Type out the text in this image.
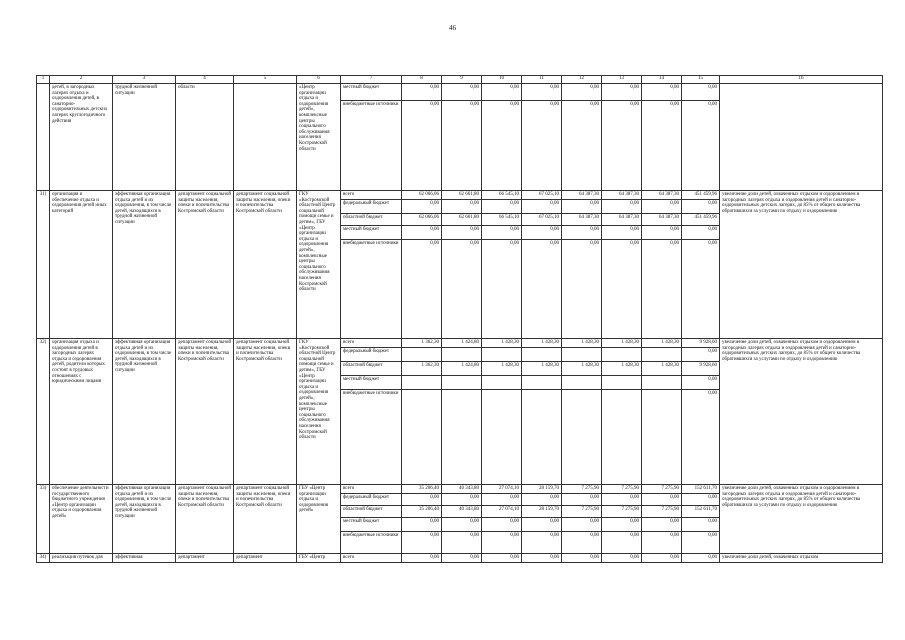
46
1	2	3	4	5	6	7	8	9	10	11	12	13	14	15	16
	детей, в загородных лагерях отдыха и оздоровления детей, в санаторно-оздоровительных детских лагерях круглогодичного действия	трудной жизненной ситуации	области		«Центр организации отдыха и оздоровления детей», комплексные центры социального обслуживания населения Костромской области	местный бюджет	0,00	0,00	0,00	0,00	0,00	0,00	0,00	0,00	
						внебюджетные источники	0,00	0,00	0,00	0,00	0,00	0,00	0,00	0,00	
31)	организация и обеспечение отдыха и оздоровления детей иных категорий	эффективная организация отдыха детей и их оздоровления, в том числе детей, находящихся в трудной жизненной ситуации	департамент социальной защиты населения, опеки и попечительства Костромской области	департамент социальной защиты населения, опеки и попечительства Костромской области	ГКУ «Костромской областной Центр социальной помощи семье и детям», ГБУ «Центр организации отдыха и оздоровления детей», комплексные центры социального обслуживания населения Костромской области	всего	62 066,06	62 661,80	66 545,10	67 025,10	64 387,30	64 387,30	64 387,30	451 459,96	увеличение доли детей, охваченных отдыхом и оздоровлением в загородных лагерях отдыха и оздоровления детей и санаторно-оздоровительных детских лагерях, до 85% от общего количества обратившихся за услугами по отдыху и оздоровлению
						федеральный бюджет	0,00	0,00	0,00	0,00	0,00	0,00	0,00	0,00	
						областной бюджет	62 066,06	62 661,80	66 545,10	67 025,10	64 387,30	64 387,30	64 387,30	451 459,96	
						местный бюджет	0,00	0,00	0,00	0,00	0,00	0,00	0,00	0,00	
						внебюджетные источники	0,00	0,00	0,00	0,00	0,00	0,00	0,00	0,00	
32)	организация отдыха и оздоровления детей в загородных лагерях отдыха и оздоровления детей, родители которых состоят в трудовых отношениях с юридическими лицами	эффективная организация отдыха детей и их оздоровления, в том числе детей, находящихся в трудной жизненной ситуации	департамент социальной защиты населения, опеки и попечительства Костромской области	департамент социальной защиты населения, опеки и попечительства Костромской области	ГКУ «Костромской областной Центр социальной помощи семье и детям», ГБУ «Центр организации отдыха и оздоровления детей», комплексные центры социального обслуживания населения Костромской области	всего	1 362,30	1 424,80	1 428,30	1 428,30	1 428,30	1 428,30	1 428,30	9 928,60	увеличение доли детей, охваченных отдыхом и оздоровлением в загородных лагерях отдыха и оздоровления детей и санаторно-оздоровительных детских лагерях, до 85% от общего количества обратившихся за услугами по отдыху и оздоровлению
						федеральный бюджет								0,00	
						областной бюджет	1 362,30	1 424,80	1 428,30	1 428,30	1 428,30	1 428,30	1 428,30	9 928,60	
						местный бюджет								0,00	
						внебюджетные источники								0,00	
33)	обеспечение деятельности государственного бюджетного учреждения «Центр организации отдыха и оздоровления детей»	эффективная организация отдыха детей и их оздоровления, в том числе детей, находящихся в трудной жизненной ситуации	департамент социальной защиты населения, опеки и попечительства Костромской области	департамент социальной защиты населения, опеки и попечительства Костромской области	ГБУ «Центр организации отдыха и оздоровления детей»	всего	35 206,40	40 343,80	27 074,10	28 159,70	7 275,90	7 275,90	7 275,90	152 611,70	увеличение доли детей, охваченных отдыхом и оздоровлением в загородных лагерях отдыха и оздоровления детей и санаторно-оздоровительных детских лагерях, до 85% от общего количества обратившихся за услугами по отдыху и оздоровлению
						федеральный бюджет	0,00	0,00	0,00	0,00	0,00	0,00	0,00	0,00	
						областной бюджет	35 206,40	40 343,80	27 074,10	28 159,70	7 275,90	7 275,90	7 275,90	152 611,70	
						местный бюджет	0,00	0,00	0,00	0,00	0,00	0,00	0,00	0,00	
						внебюджетные источники	0,00	0,00	0,00	0,00	0,00	0,00	0,00	0,00	
34)	реализация путевок для	эффективная	департамент	департамент	ГБУ «Центр	всего	0,00	0,00	0,00	0,00	0,00	0,00	0,00	0,00	увеличение доли детей, охваченных отдыхом
